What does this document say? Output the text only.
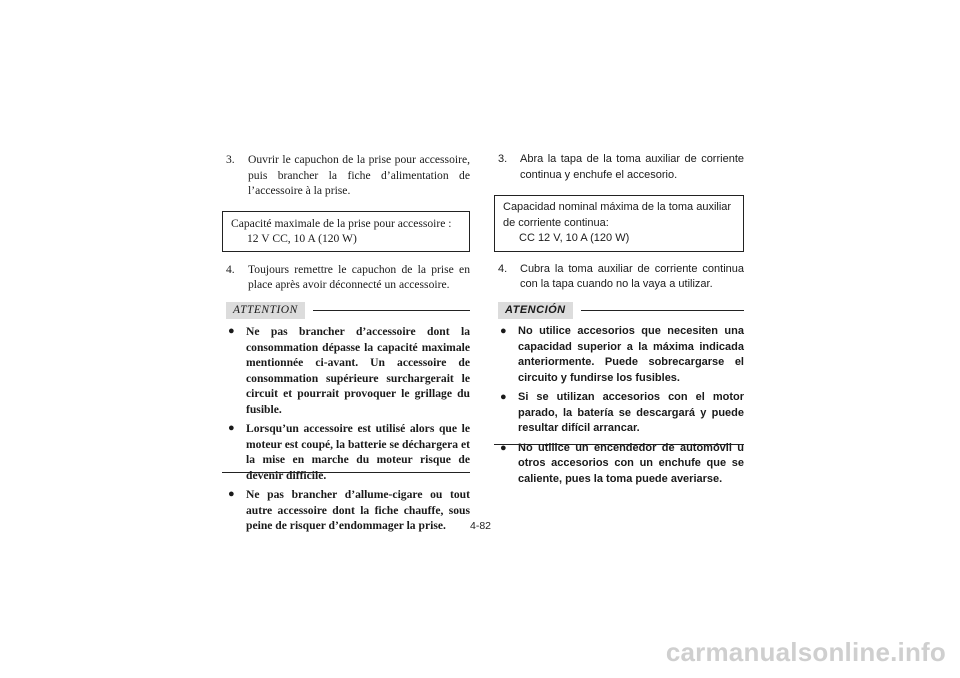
3.	Ouvrir le capuchon de la prise pour accessoire, puis brancher la fiche d’alimentation de l’accessoire à la prise.
Capacité maximale de la prise pour accessoire :
12 V CC, 10 A (120 W)
4.	Toujours remettre le capuchon de la prise en place après avoir déconnecté un accessoire.
ATTENTION
● Ne pas brancher d’accessoire dont la consommation dépasse la capacité maximale mentionnée ci-avant. Un accessoire de consommation supérieure surchargerait le circuit et pourrait provoquer le grillage du fusible.
● Lorsqu’un accessoire est utilisé alors que le moteur est coupé, la batterie se déchargera et la mise en marche du moteur risque de devenir difficile.
● Ne pas brancher d’allume-cigare ou tout autre accessoire dont la fiche chauffe, sous peine de risquer d’endommager la prise.
3.	Abra la tapa de la toma auxiliar de corriente continua y enchufe el accesorio.
Capacidad nominal máxima de la toma auxiliar de corriente continua:
CC 12 V, 10 A (120 W)
4.	Cubra la toma auxiliar de corriente continua con la tapa cuando no la vaya a utilizar.
ATENCIÓN
●	No utilice accesorios que necesiten una capacidad superior a la máxima indicada anteriormente. Puede sobrecargarse el circuito y fundirse los fusibles.
●	Si se utilizan accesorios con el motor parado, la batería se descargará y puede resultar difícil arrancar.
●	No utilice un encendedor de automóvil u otros accesorios con un enchufe que se caliente, pues la toma puede averiarse.
4-82
carmanualsonline.info
